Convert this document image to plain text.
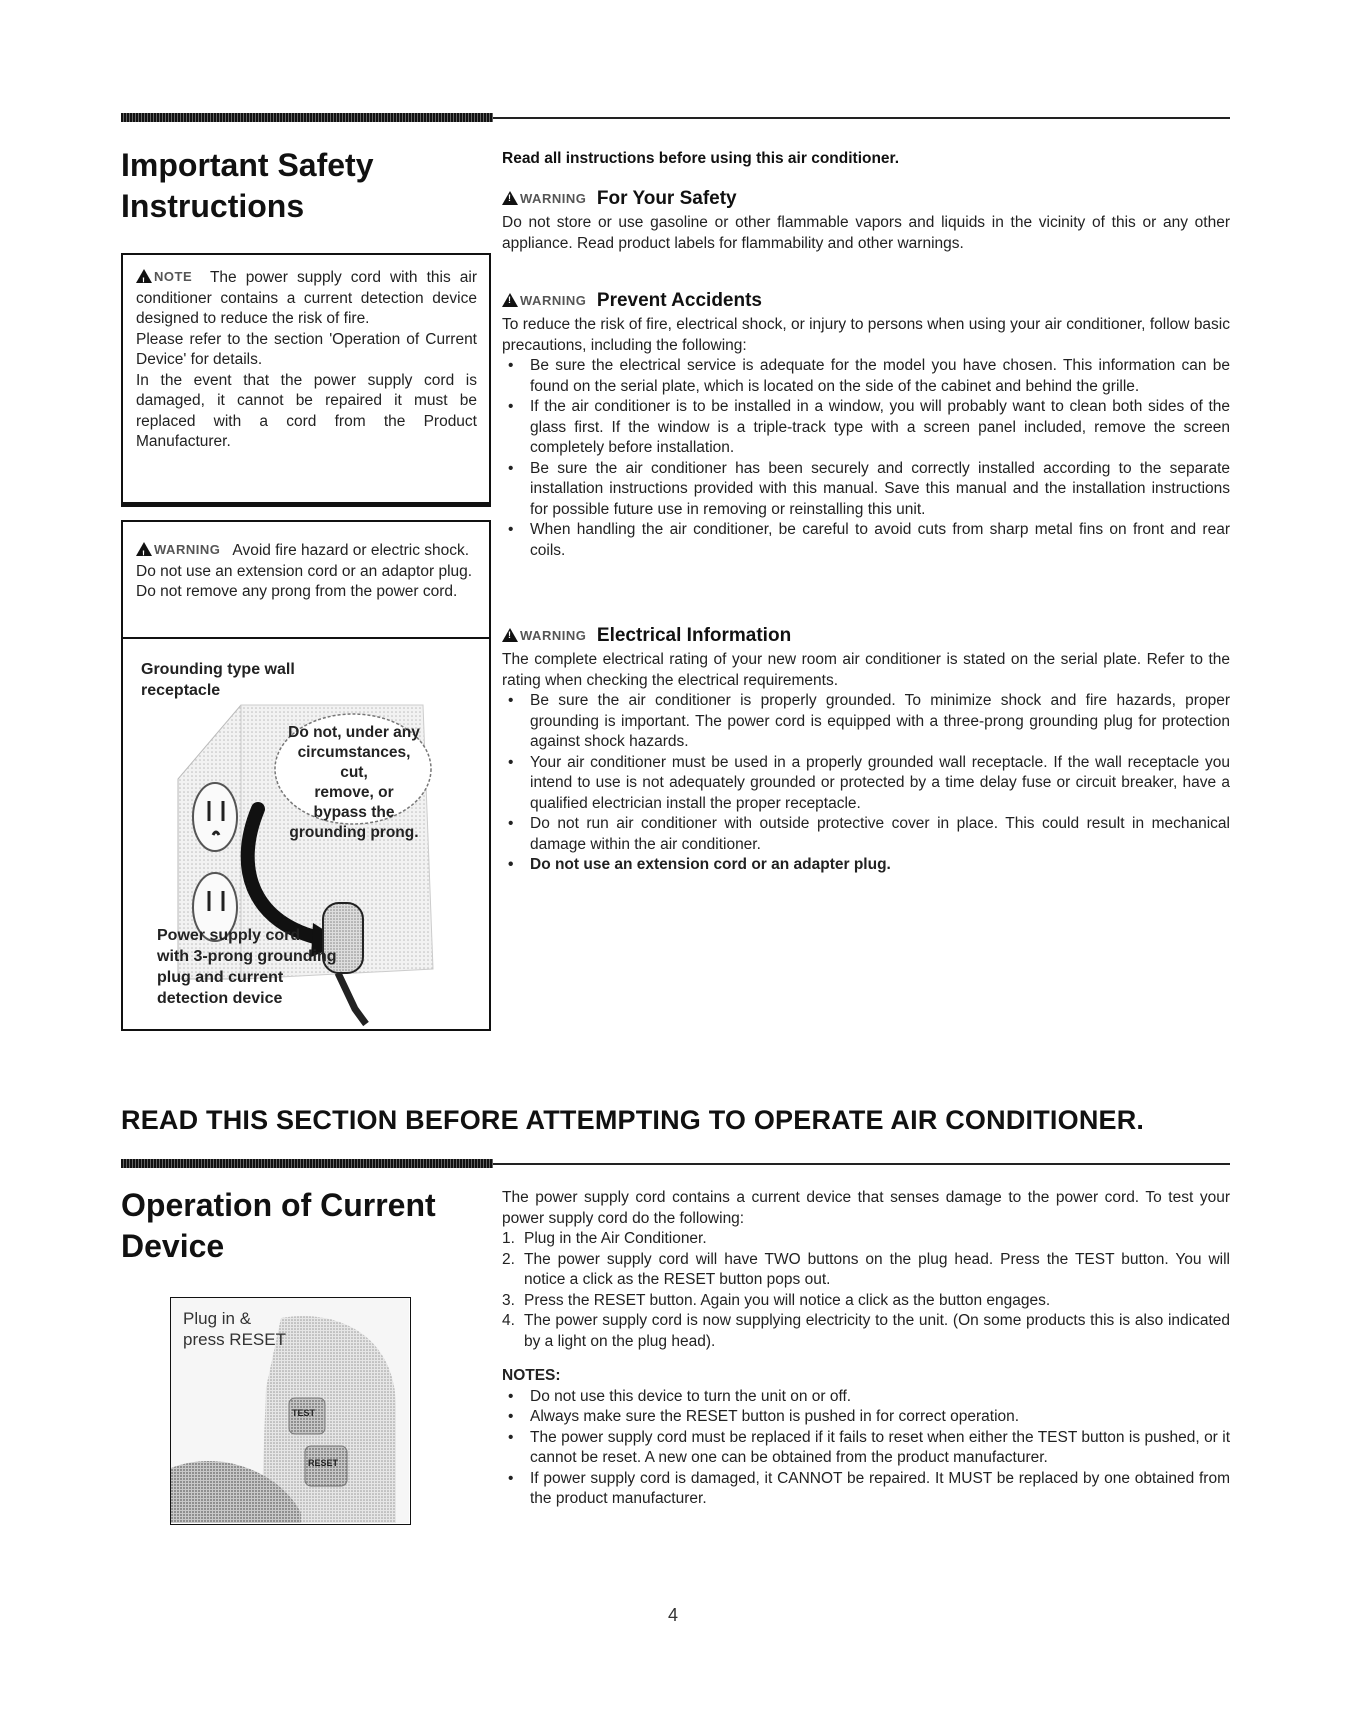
Important Safety
Instructions
!NOTE The power supply cord with this air conditioner contains a current detection device designed to reduce the risk of fire.
Please refer to the section 'Operation of Current Device' for details.
In the event that the power supply cord is damaged, it cannot be repaired it must be replaced with a cord from the Product Manufacturer.
!WARNING Avoid fire hazard or electric shock. Do not use an extension cord or an adaptor plug. Do not remove any prong from the power cord.
Grounding type wall
receptacle
Do not, under any
circumstances, cut,
remove, or bypass the
grounding prong.
Power supply cord
with 3-prong grounding
plug and current
detection device
Read all instructions before using this air conditioner.
!WARNING For Your Safety
Do not store or use gasoline or other flammable vapors and liquids in the vicinity of this or any other appliance. Read product labels for flammability and other warnings.
!WARNING Prevent Accidents
To reduce the risk of fire, electrical shock, or injury to persons when using your air conditioner, follow basic precautions, including the following:
• Be sure the electrical service is adequate for the model you have chosen. This information can be found on the serial plate, which is located on the side of the cabinet and behind the grille.
• If the air conditioner is to be installed in a window, you will probably want to clean both sides of the glass first. If the window is a triple-track type with a screen panel included, remove the screen completely before installation.
• Be sure the air conditioner has been securely and correctly installed according to the separate installation instructions provided with this manual. Save this manual and the installation instructions for possible future use in removing or reinstalling this unit.
• When handling the air conditioner, be careful to avoid cuts from sharp metal fins on front and rear coils.
!WARNING Electrical Information
The complete electrical rating of your new room air conditioner is stated on the serial plate. Refer to the rating when checking the electrical requirements.
• Be sure the air conditioner is properly grounded. To minimize shock and fire hazards, proper grounding is important. The power cord is equipped with a three-prong grounding plug for protection against shock hazards.
• Your air conditioner must be used in a properly grounded wall receptacle. If the wall receptacle you intend to use is not adequately grounded or protected by a time delay fuse or circuit breaker, have a qualified electrician install the proper receptacle.
• Do not run air conditioner with outside protective cover in place. This could result in mechanical damage within the air conditioner.
• Do not use an extension cord or an adapter plug.
READ THIS SECTION BEFORE ATTEMPTING TO OPERATE AIR CONDITIONER.
Operation of Current
Device
Plug in &
press RESET
TEST
RESET
The power supply cord contains a current device that senses damage to the power cord. To test your power supply cord do the following:
1. Plug in the Air Conditioner.
2. The power supply cord will have TWO buttons on the plug head. Press the TEST button. You will notice a click as the RESET button pops out.
3. Press the RESET button. Again you will notice a click as the button engages.
4. The power supply cord is now supplying electricity to the unit. (On some products this is also indicated by a light on the plug head).
NOTES:
• Do not use this device to turn the unit on or off.
• Always make sure the RESET button is pushed in for correct operation.
• The power supply cord must be replaced if it fails to reset when either the TEST button is pushed, or it cannot be reset. A new one can be obtained from the product manufacturer.
• If power supply cord is damaged, it CANNOT be repaired. It MUST be replaced by one obtained from the product manufacturer.
4
